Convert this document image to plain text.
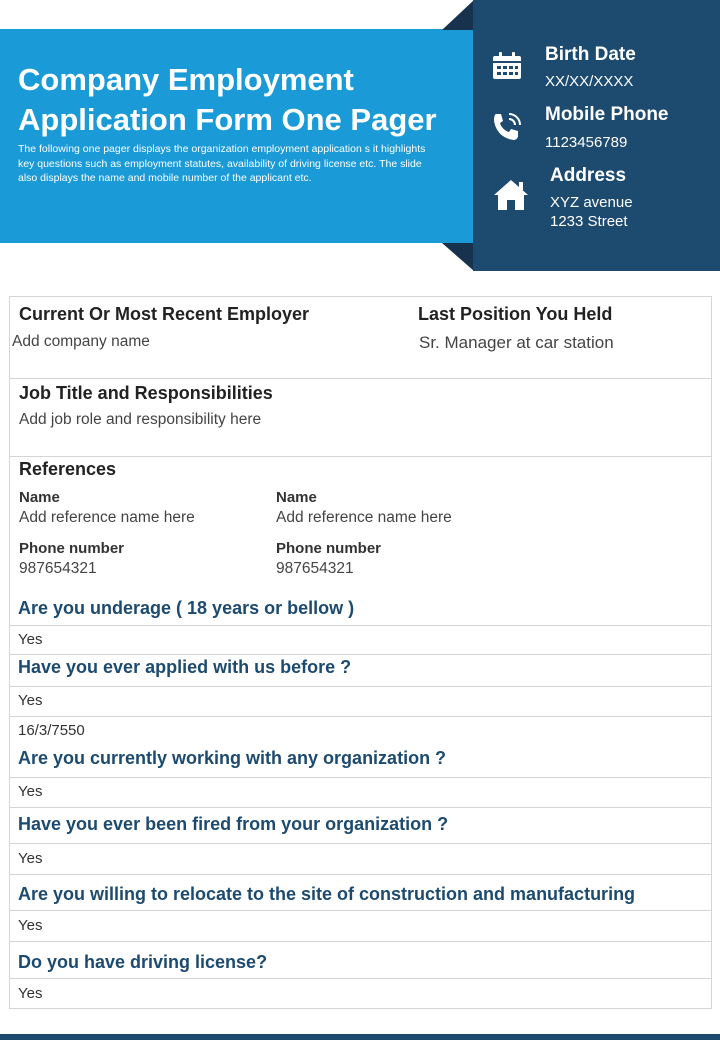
Company Employment Application Form One Pager
The following one pager displays the organization employment application s it highlights key questions such as employment statutes, availability of driving license etc. The slide also displays the name and mobile number of the applicant etc.
Birth Date
XX/XX/XXXX
Mobile Phone
1123456789
Address
XYZ avenue
1233 Street
Current Or Most Recent Employer
Add company name
Last Position You Held
Sr. Manager at car station
Job Title and Responsibilities
Add job role and responsibility here
References
Name
Add reference name here
Phone number
987654321
Name
Add reference name here
Phone number
987654321
Are you underage ( 18 years or bellow )
Yes
Have you ever applied with us before ?
Yes
16/3/7550
Are you currently working with any organization ?
Yes
Have you ever been fired from your organization ?
Yes
Are you willing to relocate to the site of construction and manufacturing
Yes
Do you have driving license?
Yes
